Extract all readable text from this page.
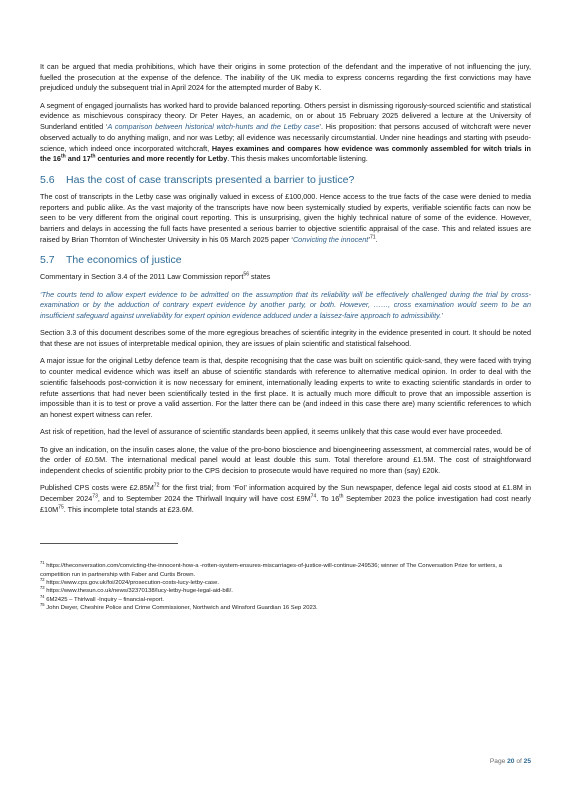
It can be argued that media prohibitions, which have their origins in some protection of the defendant and the imperative of not influencing the jury, fuelled the prosecution at the expense of the defence. The inability of the UK media to express concerns regarding the first convictions may have prejudiced unduly the subsequent trial in April 2024 for the attempted murder of Baby K.

A segment of engaged journalists has worked hard to provide balanced reporting. Others persist in dismissing rigorously-sourced scientific and statistical evidence as mischievous conspiracy theory. Dr Peter Hayes, an academic, on or about 15 February 2025 delivered a lecture at the University of Sunderland entitled ‘A comparison between historical witch-hunts and the Letby case’. His proposition: that persons accused of witchcraft were never observed actually to do anything malign, and nor was Letby; all evidence was necessarily circumstantial. Under nine headings and starting with pseudo-science, which indeed once incorporated witchcraft, Hayes examines and compares how evidence was commonly assembled for witch trials in the 16th and 17th centuries and more recently for Letby. This thesis makes uncomfortable listening.

5.6 Has the cost of case transcripts presented a barrier to justice?

The cost of transcripts in the Letby case was originally valued in excess of £100,000. Hence access to the true facts of the case were denied to media reporters and public alike. As the vast majority of the transcripts have now been systemically studied by experts, verifiable scientific facts can now be seen to be very different from the original court reporting. This is unsurprising, given the highly technical nature of some of the evidence. However, barriers and delays in accessing the full facts have presented a serious barrier to objective scientific appraisal of the case. This and related issues are raised by Brian Thornton of Winchester University in his 05 March 2025 paper ‘Convicting the innocent’$^{71}$.

5.7 The economics of justice

Commentary in Section 3.4 of the 2011 Law Commission report$^{56}$ states

‘The courts tend to allow expert evidence to be admitted on the assumption that its reliability will be effectively challenged during the trial by cross-examination or by the adduction of contrary expert evidence by another party, or both. However, ……, cross examination would seem to be an insufficient safeguard against unreliability for expert opinion evidence adduced under a laissez-faire approach to admissibility.’

Section 3.3 of this document describes some of the more egregious breaches of scientific integrity in the evidence presented in court. It should be noted that these are not issues of interpretable medical opinion, they are issues of plain scientific and statistical falsehood.

A major issue for the original Letby defence team is that, despite recognising that the case was built on scientific quick-sand, they were faced with trying to counter medical evidence which was itself an abuse of scientific standards with reference to alternative medical opinion. In order to deal with the scientific falsehoods post-conviction it is now necessary for eminent, internationally leading experts to write to exacting scientific standards in order to refute assertions that had never been scientifically tested in the first place. It is actually much more difficult to prove that an impossible assertion is impossible than it is to test or prove a valid assertion. For the latter there can be (and indeed in this case there are) many scientific references to which an honest expert witness can refer.

Ast risk of repetition, had the level of assurance of scientific standards been applied, it seems unlikely that this case would ever have proceeded.

To give an indication, on the insulin cases alone, the value of the pro-bono bioscience and bioengineering assessment, at commercial rates, would be of the order of £0.5M. The international medical panel would at least double this sum. Total therefore around £1.5M. The cost of straightforward independent checks of scientific probity prior to the CPS decision to prosecute would have required no more than (say) £20k.

Published CPS costs were $£2.85M^{72}$ for the first trial; from ‘FoI’ information acquired by the Sun newspaper, defence legal aid costs stood at £1.8M in December 2024$^{73}$, and to September 2024 the Thirlwall Inquiry will have cost $£9M^{74}$. To 16th September 2023 the police investigation had cost nearly $£10M^{75}$. This incomplete total stands at £23.6M.

$^{71}$ https://theconversation.com/convicting-the-innocent-how-a -rotten-system-ensures-miscarriages-of-justice-will-continue-249536; winner of The Conversation Prize for writers, a competition run in partnership with Faber and Curtis Brown.

$^{72}$ https://www.cps.gov.uk/foi/2024/prosecution-costs-lucy-letby-case.

$^{73}$ https://www.thesun.co.uk/news/32370138/lucy-letby-huge-legal-aid-bill/.

$^{74}$ 6M2425 – Thirlwall -Inquiry – financial-report.

$^{75}$ John Dwyer, Cheshire Police and Crime Commissioner, Northwich and Winsford Guardian 16 Sep 2023.

Page 20 of 25
